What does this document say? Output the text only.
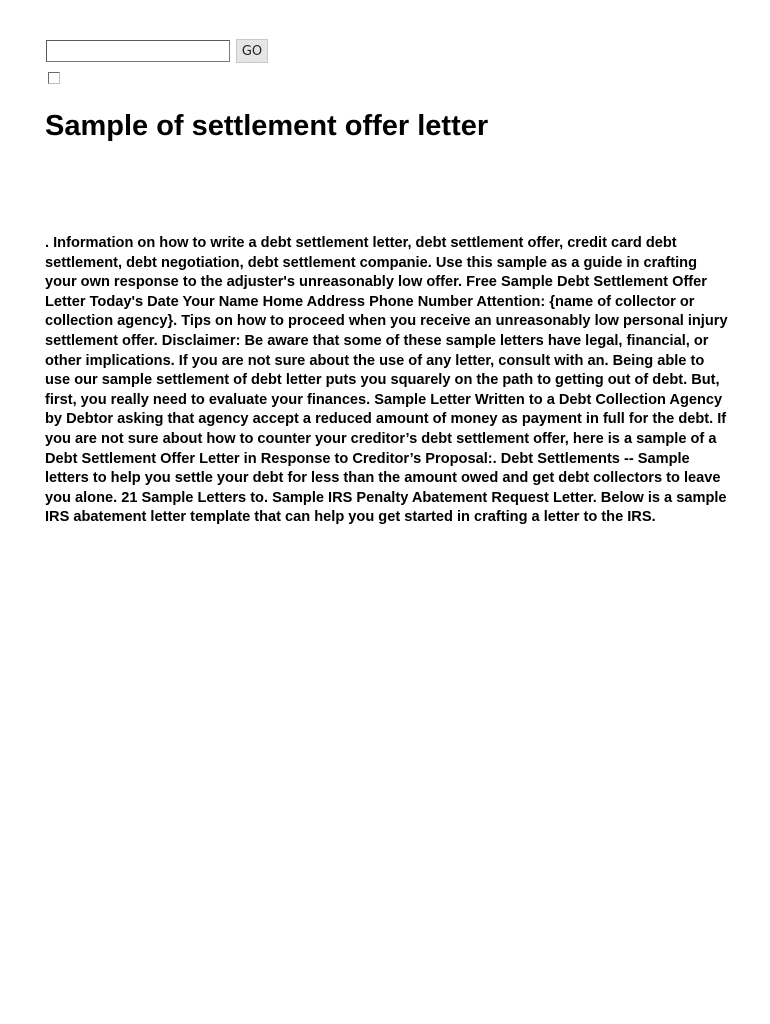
GO
Sample of settlement offer letter

. Information on how to write a debt settlement letter, debt settlement offer, credit card debt settlement, debt negotiation, debt settlement companie. Use this sample as a guide in crafting your own response to the adjuster's unreasonably low offer. Free Sample Debt Settlement Offer Letter Today's Date Your Name Home Address Phone Number Attention: {name of collector or collection agency}. Tips on how to proceed when you receive an unreasonably low personal injury settlement offer. Disclaimer: Be aware that some of these sample letters have legal, financial, or other implications. If you are not sure about the use of any letter, consult with an. Being able to use our sample settlement of debt letter puts you squarely on the path to getting out of debt. But, first, you really need to evaluate your finances. Sample Letter Written to a Debt Collection Agency by Debtor asking that agency accept a reduced amount of money as payment in full for the debt. If you are not sure about how to counter your creditor’s debt settlement offer, here is a sample of a Debt Settlement Offer Letter in Response to Creditor’s Proposal:. Debt Settlements -- Sample letters to help you settle your debt for less than the amount owed and get debt collectors to leave you alone. 21 Sample Letters to. Sample IRS Penalty Abatement Request Letter. Below is a sample IRS abatement letter template that can help you get started in crafting a letter to the IRS.
